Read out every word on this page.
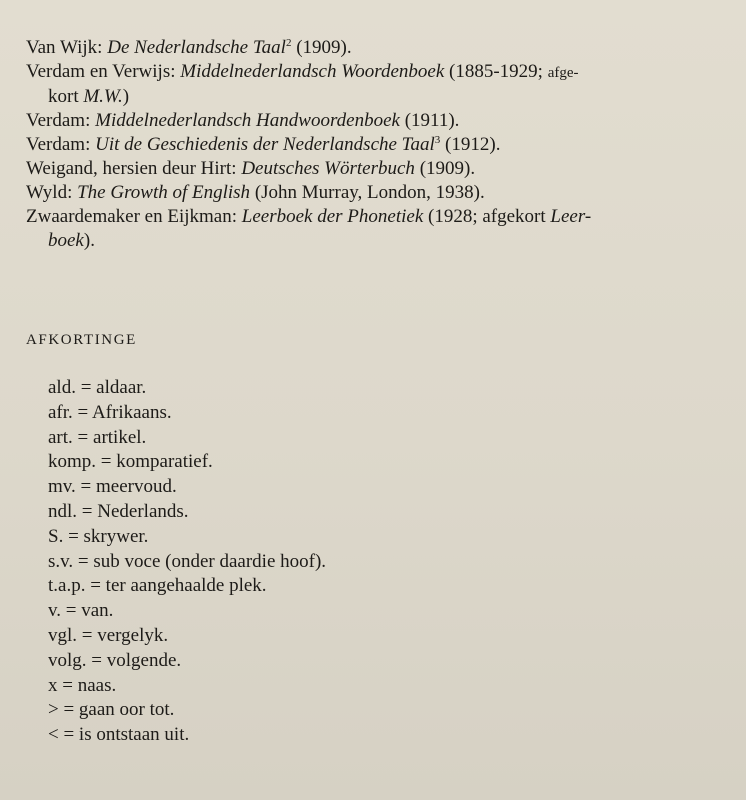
Van Wijk: De Nederlandsche Taal$^2$ (1909).
Verdam en Verwijs: Middelnederlandsch Woordenboek (1885-1929; afge-
kort M.W.)
Verdam: Middelnederlandsch Handwoordenboek (1911).
Verdam: Uit de Geschiedenis der Nederlandsche Taal$^3$ (1912).
Weigand, hersien deur Hirt: Deutsches Wörterbuch (1909).
Wyld: The Growth of English (John Murray, London, 1938).
Zwaardemaker en Eijkman: Leerboek der Phonetiek (1928; afgekort Leer-
boek).
AFKORTINGE
ald. = aldaar.
afr. = Afrikaans.
art. = artikel.
komp. = komparatief.
mv. = meervoud.
ndl. = Nederlands.
S. = skrywer.
s.v. = sub voce (onder daardie hoof).
t.a.p. = ter aangehaalde plek.
v. = van.
vgl. = vergelyk.
volg. = volgende.
x = naas.
> = gaan oor tot.
< = is ontstaan uit.
